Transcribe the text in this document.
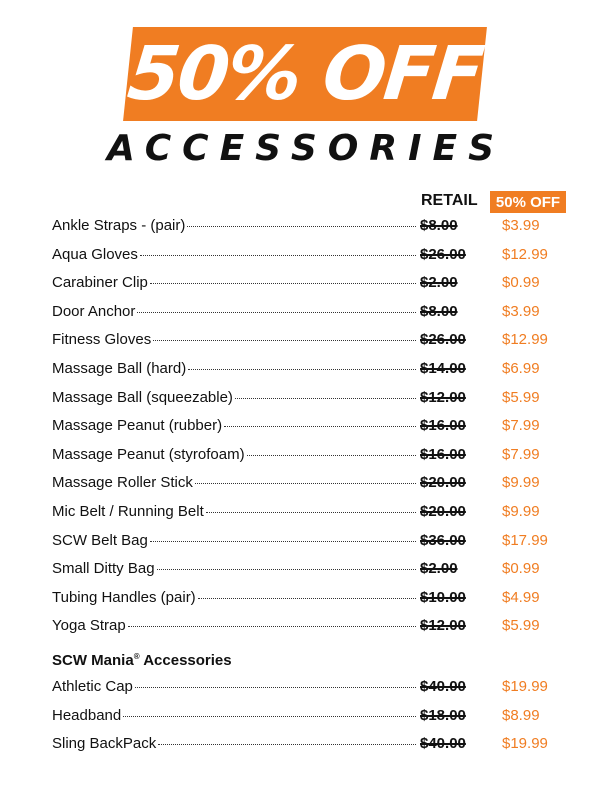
50% OFF
ACCESSORIES
RETAIL	50% OFF
Ankle Straps - (pair)	$8.00	$3.99
Aqua Gloves	$26.00	$12.99
Carabiner Clip	$2.00	$0.99
Door Anchor	$8.00	$3.99
Fitness Gloves	$26.00	$12.99
Massage Ball (hard)	$14.00	$6.99
Massage Ball (squeezable)	$12.00	$5.99
Massage Peanut (rubber)	$16.00	$7.99
Massage Peanut (styrofoam)	$16.00	$7.99
Massage Roller Stick	$20.00	$9.99
Mic Belt / Running Belt	$20.00	$9.99
SCW Belt Bag	$36.00	$17.99
Small Ditty Bag	$2.00	$0.99
Tubing Handles (pair)	$10.00	$4.99
Yoga Strap	$12.00	$5.99
SCW Mania® Accessories
Athletic Cap	$40.00	$19.99
Headband	$18.00	$8.99
Sling BackPack	$40.00	$19.99
